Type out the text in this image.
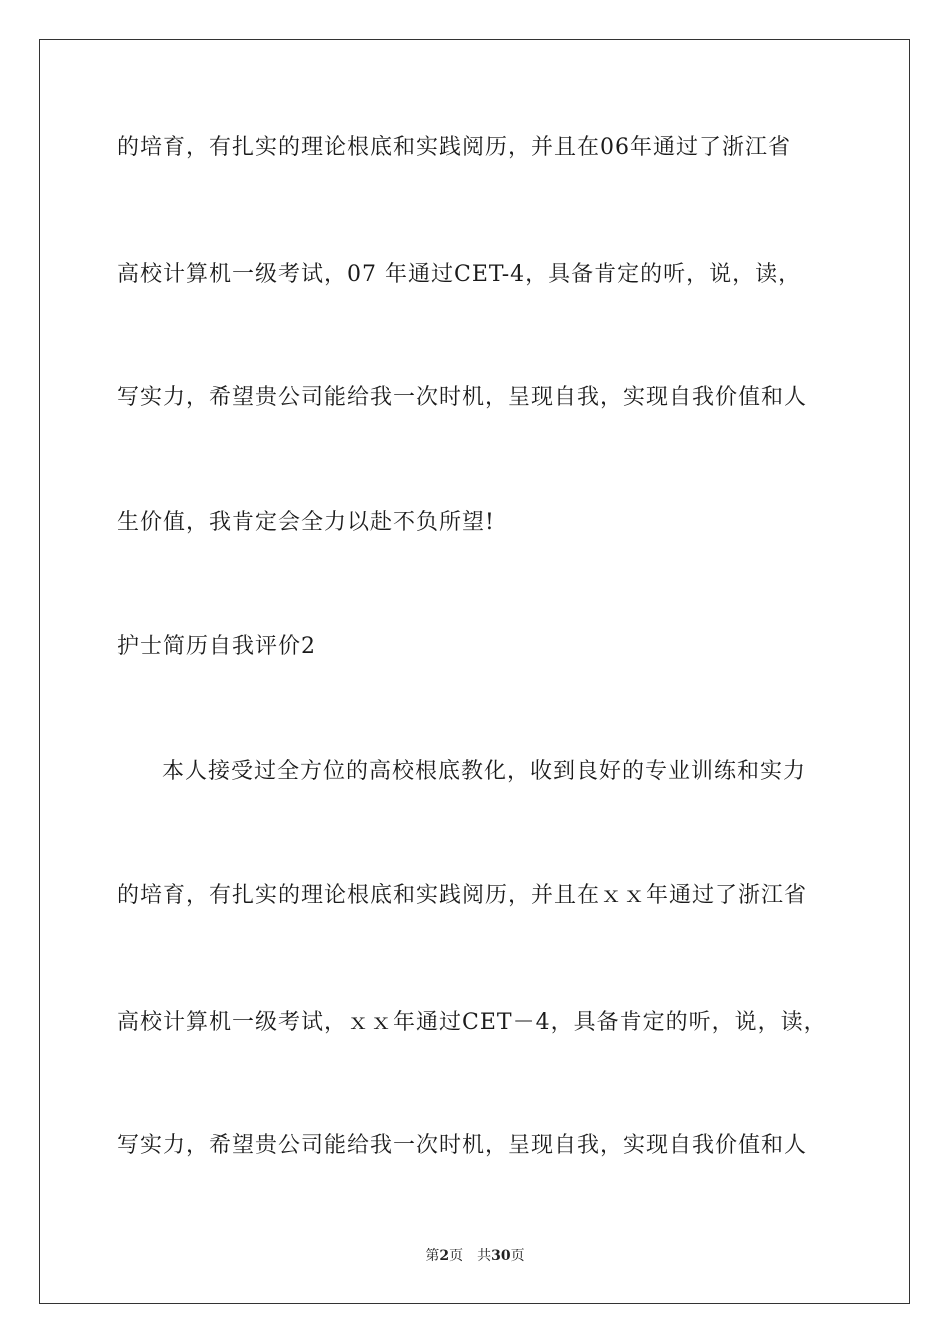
的培育，有扎实的理论根底和实践阅历，并且在06年通过了浙江省
高校计算机一级考试，07 年通过CET-4，具备肯定的听，说，读，
写实力，希望贵公司能给我一次时机，呈现自我，实现自我价值和人
生价值，我肯定会全力以赴不负所望!
护士简历自我评价2
本人接受过全方位的高校根底教化，收到良好的专业训练和实力
的培育，有扎实的理论根底和实践阅历，并且在ｘｘ年通过了浙江省
高校计算机一级考试，ｘｘ年通过CET－4，具备肯定的听，说，读，
写实力，希望贵公司能给我一次时机，呈现自我，实现自我价值和人
第2页 共30页
